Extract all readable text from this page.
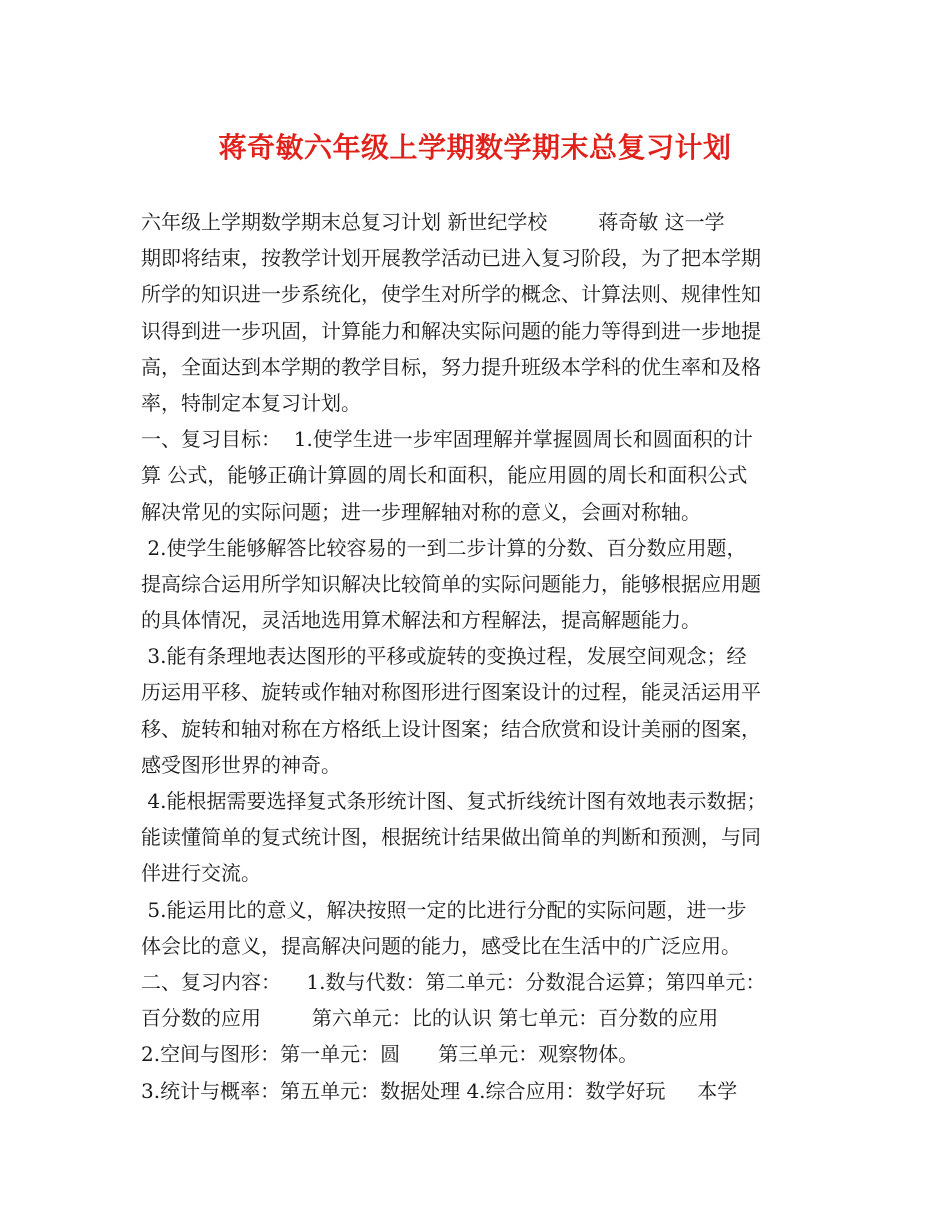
蒋奇敏六年级上学期数学期末总复习计划
六年级上学期数学期末总复习计划 新世纪学校        蒋奇敏 这一学
期即将结束，按教学计划开展教学活动已进入复习阶段，为了把本学期
所学的知识进一步系统化，使学生对所学的概念、计算法则、规律性知
识得到进一步巩固，计算能力和解决实际问题的能力等得到进一步地提
高，全面达到本学期的教学目标，努力提升班级本学科的优生率和及格
率，特制定本复习计划。
一、复习目标：  1.使学生进一步牢固理解并掌握圆周长和圆面积的计
算 公式，能够正确计算圆的周长和面积，能应用圆的周长和面积公式
解决常见的实际问题；进一步理解轴对称的意义，会画对称轴。
2.使学生能够解答比较容易的一到二步计算的分数、百分数应用题，
提高综合运用所学知识解决比较简单的实际问题能力，能够根据应用题
的具体情况，灵活地选用算术解法和方程解法，提高解题能力。
3.能有条理地表达图形的平移或旋转的变换过程，发展空间观念；经
历运用平移、旋转或作轴对称图形进行图案设计的过程，能灵活运用平
移、旋转和轴对称在方格纸上设计图案；结合欣赏和设计美丽的图案，
感受图形世界的神奇。
4.能根据需要选择复式条形统计图、复式折线统计图有效地表示数据；
能读懂简单的复式统计图，根据统计结果做出简单的判断和预测，与同
伴进行交流。
5.能运用比的意义，解决按照一定的比进行分配的实际问题，进一步
体会比的意义，提高解决问题的能力，感受比在生活中的广泛应用。
二、复习内容：    1.数与代数：第二单元：分数混合运算；第四单元：
百分数的应用        第六单元：比的认识 第七单元：百分数的应用
2.空间与图形：第一单元：圆      第三单元：观察物体。
3.统计与概率：第五单元：数据处理 4.综合应用：数学好玩     本学
